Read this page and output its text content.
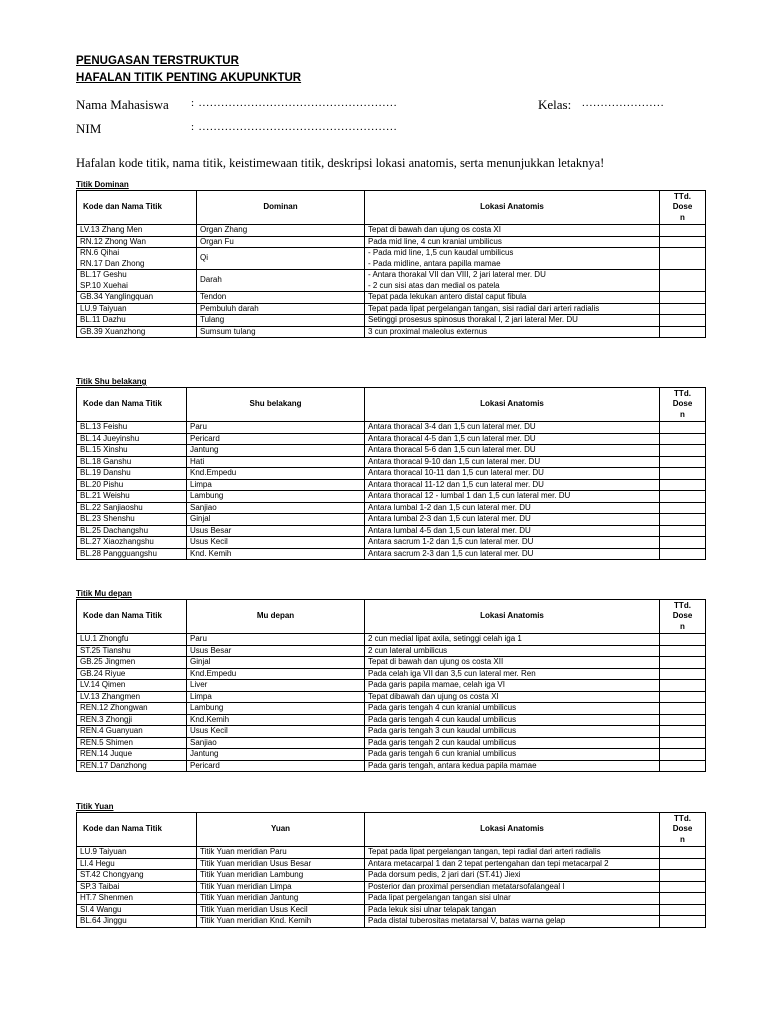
PENUGASAN TERSTRUKTUR
HAFALAN TITIK PENTING AKUPUNKTUR
Nama Mahasiswa : .....................................................	Kelas: ......................
NIM	: .....................................................
Hafalan kode titik, nama titik, keistimewaan titik, deskripsi lokasi anatomis, serta menunjukkan letaknya!
Titik Dominan
Kode dan Nama Titik	Dominan	Lokasi Anatomis	TTd.
Dose
n

LV.13 Zhang Men	Organ Zhang	Tepat di bawah dan ujung os costa XI	

RN.12 Zhong Wan	Organ Fu	Pada mid line, 4 cun kranial umbilicus	

RN.6 Qihai
RN.17 Dan Zhong	Qi	- Pada mid line, 1,5 cun kaudal umbilicus
- Pada midline, antara papilla mamae	

BL.17 Geshu
SP.10 Xuehai	Darah	- Antara thorakal VII dan VIII, 2 jari lateral mer. DU
- 2 cun sisi atas dan medial os patela	

GB.34 Yanglingquan	Tendon	Tepat pada lekukan antero distal caput fibula	

LU.9 Taiyuan	Pembuluh darah	Tepat pada lipat pergelangan tangan, sisi radial dari arteri radialis	

BL.11 Dazhu	Tulang	Setinggi prosesus spinosus thorakal I, 2 jari lateral Mer. DU	

GB.39 Xuanzhong	Sumsum tulang	3 cun proximal maleolus externus	

Titik Shu belakang
Kode dan Nama Titik	Shu belakang	Lokasi Anatomis	TTd.
Dose
n

BL.13 Feishu	Paru	Antara thoracal 3-4 dan 1,5 cun lateral mer. DU	

BL.14 Jueyinshu	Pericard	Antara thoracal 4-5 dan 1,5 cun lateral mer. DU	

BL.15 Xinshu	Jantung	Antara thoracal 5-6 dan 1,5 cun lateral mer. DU	

BL.18 Ganshu	Hati	Antara thoracal 9-10 dan 1,5 cun lateral mer. DU	

BL.19 Danshu	Knd.Empedu	Antara thoracal 10-11 dan 1,5 cun lateral mer. DU	

BL.20 Pishu	Limpa	Antara thoracal 11-12 dan 1,5 cun lateral mer. DU	

BL.21 Weishu	Lambung	Antara thoracal 12 - lumbal 1 dan 1,5 cun lateral mer. DU	

BL.22 Sanjiaoshu	Sanjiao	Antara lumbal 1-2 dan 1,5 cun lateral mer. DU	

BL.23 Shenshu	Ginjal	Antara lumbal 2-3 dan 1,5 cun lateral mer. DU	

BL.25 Dachangshu	Usus Besar	Antara lumbal 4-5 dan 1,5 cun lateral mer. DU	

BL.27 Xiaozhangshu	Usus Kecil	Antara sacrum 1-2 dan 1,5 cun lateral mer. DU	

BL.28 Pangguangshu	Knd. Kemih	Antara sacrum 2-3 dan 1,5 cun lateral mer. DU	

Titik Mu depan
Kode dan Nama Titik	Mu depan	Lokasi Anatomis	TTd.
Dose
n

LU.1 Zhongfu	Paru	2 cun medial lipat axila, setinggi celah iga 1	

ST.25 Tianshu	Usus Besar	2 cun lateral umbilicus	

GB.25 Jingmen	Ginjal	Tepat di bawah dan ujung os costa XII	

GB.24 Riyue	Knd.Empedu	Pada celah iga VII dan 3,5 cun lateral mer. Ren	

LV.14 Qimen	Liver	Pada garis papila mamae, celah iga VI	

LV.13 Zhangmen	Limpa	Tepat dibawah dan ujung os costa XI	

REN.12 Zhongwan	Lambung	Pada garis tengah 4 cun kranial umbilicus	

REN.3 Zhongji	Knd.Kemih	Pada garis tengah 4 cun kaudal umbilicus	

REN.4 Guanyuan	Usus Kecil	Pada garis tengah 3 cun kaudal umbilicus	

REN.5 Shimen	Sanjiao	Pada garis tengah 2 cun kaudal umbilicus	

REN.14 Juque	Jantung	Pada garis tengah 6 cun kranial umbilicus	

REN.17 Danzhong	Pericard	Pada garis tengah, antara kedua papila mamae	

Titik Yuan
Kode dan Nama Titik	Yuan	Lokasi Anatomis	TTd.
Dose
n

LU.9 Taiyuan	Titik Yuan meridian Paru	Tepat pada lipat pergelangan tangan, tepi radial dari arteri radialis	

LI.4 Hegu	Titik Yuan meridian Usus Besar	Antara metacarpal 1 dan 2 tepat pertengahan dan tepi metacarpal 2	

ST.42 Chongyang	Titik Yuan meridian Lambung	Pada dorsum pedis, 2 jari dari (ST.41) Jiexi	

SP.3 Taibai	Titik Yuan meridian Limpa	Posterior dan proximal persendian metatarsofalangeal I	

HT.7 Shenmen	Titik Yuan meridian Jantung	Pada lipat pergelangan tangan sisi ulnar	

SI.4 Wangu	Titik Yuan meridian Usus Kecil	Pada lekuk sisi ulnar telapak tangan	

BL.64 Jinggu	Titik Yuan meridian Knd. Kemih	Pada distal tuberositas metatarsal V, batas warna gelap	
